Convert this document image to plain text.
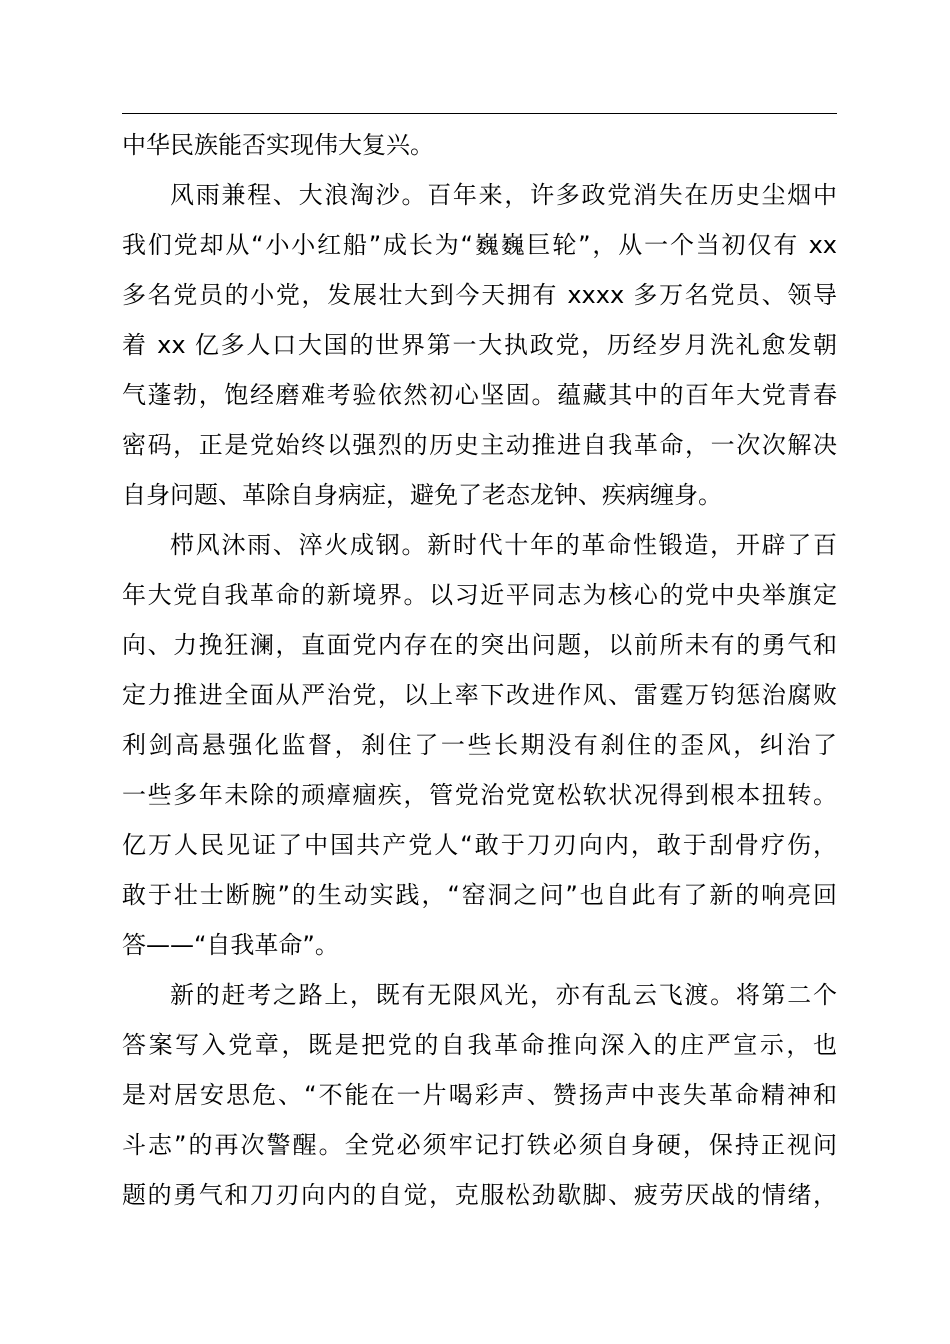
中华民族能否实现伟大复兴。
风雨兼程、大浪淘沙。百年来，许多政党消失在历史尘烟中
我们党却从“小小红船”成长为“巍巍巨轮”，从一个当初仅有 xx
多名党员的小党，发展壮大到今天拥有 xxxx 多万名党员、领导
着 xx 亿多人口大国的世界第一大执政党，历经岁月洗礼愈发朝
气蓬勃，饱经磨难考验依然初心坚固。蕴藏其中的百年大党青春
密码，正是党始终以强烈的历史主动推进自我革命，一次次解决
自身问题、革除自身病症，避免了老态龙钟、疾病缠身。
栉风沐雨、淬火成钢。新时代十年的革命性锻造，开辟了百
年大党自我革命的新境界。以习近平同志为核心的党中央举旗定
向、力挽狂澜，直面党内存在的突出问题，以前所未有的勇气和
定力推进全面从严治党，以上率下改进作风、雷霆万钧惩治腐败
利剑高悬强化监督，刹住了一些长期没有刹住的歪风，纠治了
一些多年未除的顽瘴痼疾，管党治党宽松软状况得到根本扭转。
亿万人民见证了中国共产党人“敢于刀刃向内，敢于刮骨疗伤，
敢于壮士断腕”的生动实践，“窑洞之问”也自此有了新的响亮回
答——“自我革命”。
新的赶考之路上，既有无限风光，亦有乱云飞渡。将第二个
答案写入党章，既是把党的自我革命推向深入的庄严宣示，也
是对居安思危、“不能在一片喝彩声、赞扬声中丧失革命精神和
斗志”的再次警醒。全党必须牢记打铁必须自身硬，保持正视问
题的勇气和刀刃向内的自觉，克服松劲歇脚、疲劳厌战的情绪，
